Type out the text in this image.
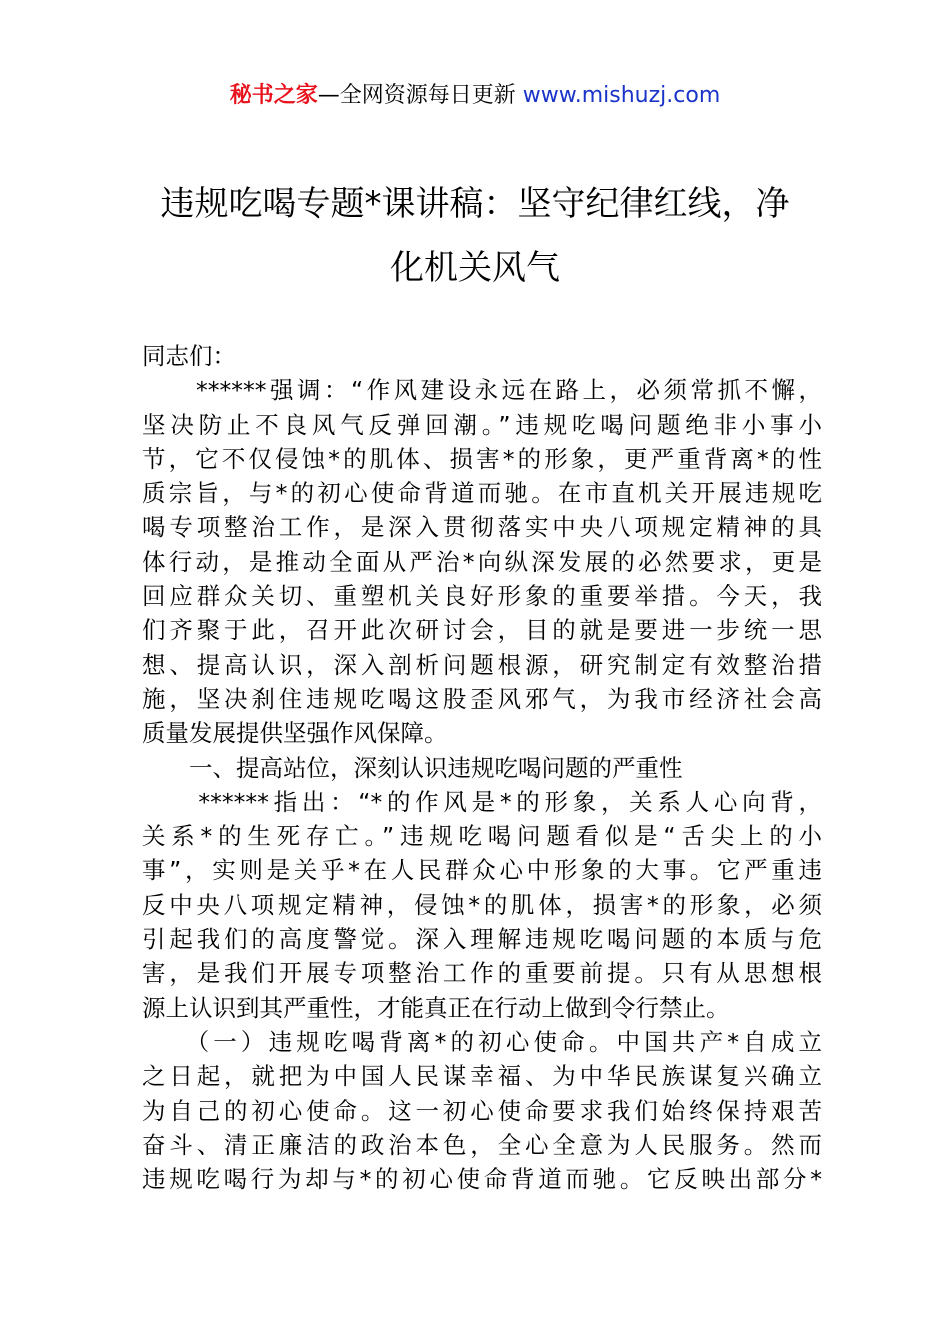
秘书之家—全网资源每日更新 www.mishuzj.com
违规吃喝专题*课讲稿：坚守纪律红线，净
化机关风气
同志们：
　　******强调：“作风建设永远在路上，必须常抓不懈，
坚决防止不良风气反弹回潮。”违规吃喝问题绝非小事小
节，它不仅侵蚀*的肌体、损害*的形象，更严重背离*的性
质宗旨，与*的初心使命背道而驰。在市直机关开展违规吃
喝专项整治工作，是深入贯彻落实中央八项规定精神的具
体行动，是推动全面从严治*向纵深发展的必然要求，更是
回应群众关切、重塑机关良好形象的重要举措。今天，我
们齐聚于此，召开此次研讨会，目的就是要进一步统一思
想、提高认识，深入剖析问题根源，研究制定有效整治措
施，坚决刹住违规吃喝这股歪风邪气，为我市经济社会高
质量发展提供坚强作风保障。
　　一、提高站位，深刻认识违规吃喝问题的严重性
　　******指出：“*的作风是*的形象，关系人心向背，
关系*的生死存亡。”违规吃喝问题看似是“舌尖上的小
事”，实则是关乎*在人民群众心中形象的大事。它严重违
反中央八项规定精神，侵蚀*的肌体，损害*的形象，必须
引起我们的高度警觉。深入理解违规吃喝问题的本质与危
害，是我们开展专项整治工作的重要前提。只有从思想根
源上认识到其严重性，才能真正在行动上做到令行禁止。
　　（一）违规吃喝背离*的初心使命。中国共产*自成立
之日起，就把为中国人民谋幸福、为中华民族谋复兴确立
为自己的初心使命。这一初心使命要求我们始终保持艰苦
奋斗、清正廉洁的政治本色，全心全意为人民服务。然而
违规吃喝行为却与*的初心使命背道而驰。它反映出部分*
